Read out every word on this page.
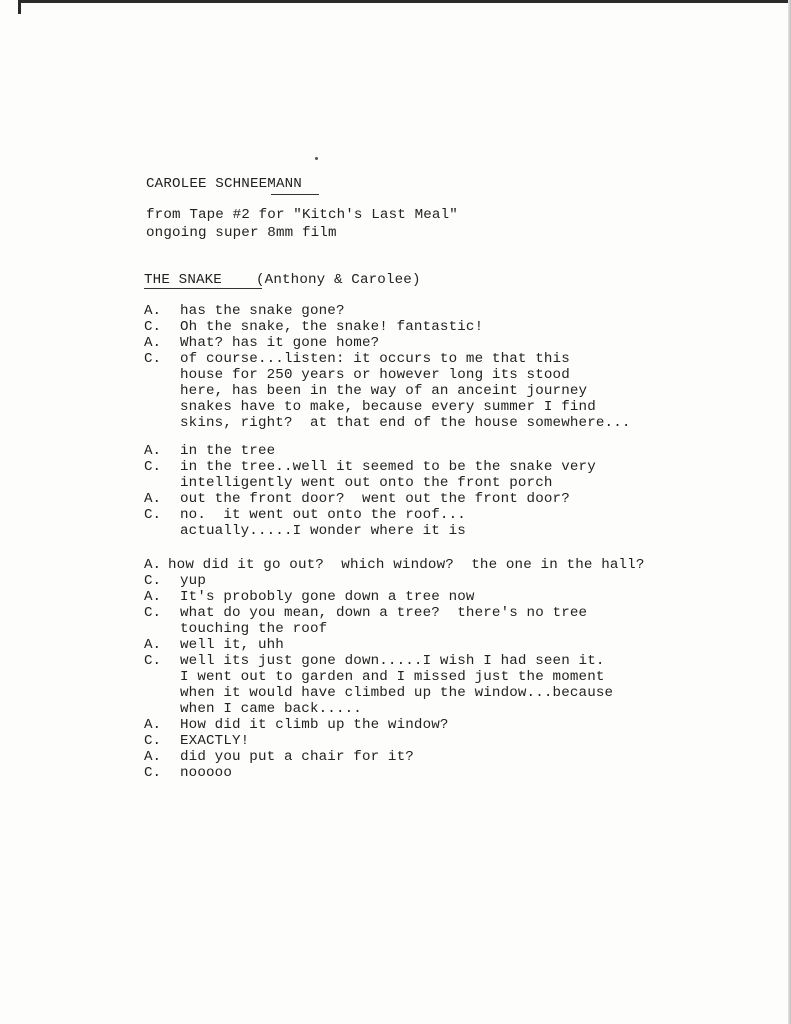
CAROLEE SCHNEEMANN
from Tape #2 for "Kitch's Last Meal"
ongoing super 8mm film
THE SNAKE (Anthony & Carolee)
A. has the snake gone?
C. Oh the snake, the snake! fantastic!
A. What? has it gone home?
C. of course...listen: it occurs to me that this
house for 250 years or however long its stood
here, has been in the way of an anceint journey
snakes have to make, because every summer I find
skins, right?  at that end of the house somewhere...
A. in the tree
C. in the tree..well it seemed to be the snake very
intelligently went out onto the front porch
A. out the front door?  went out the front door?
C. no.  it went out onto the roof...
actually.....I wonder where it is
A. how did it go out?  which window?  the one in the hall?
C. yup
A. It's probobly gone down a tree now
C. what do you mean, down a tree?  there's no tree
touching the roof
A. well it, uhh
C. well its just gone down.....I wish I had seen it.
I went out to garden and I missed just the moment
when it would have climbed up the window...because
when I came back.....
A. How did it climb up the window?
C. EXACTLY!
A. did you put a chair for it?
C. nooooo
